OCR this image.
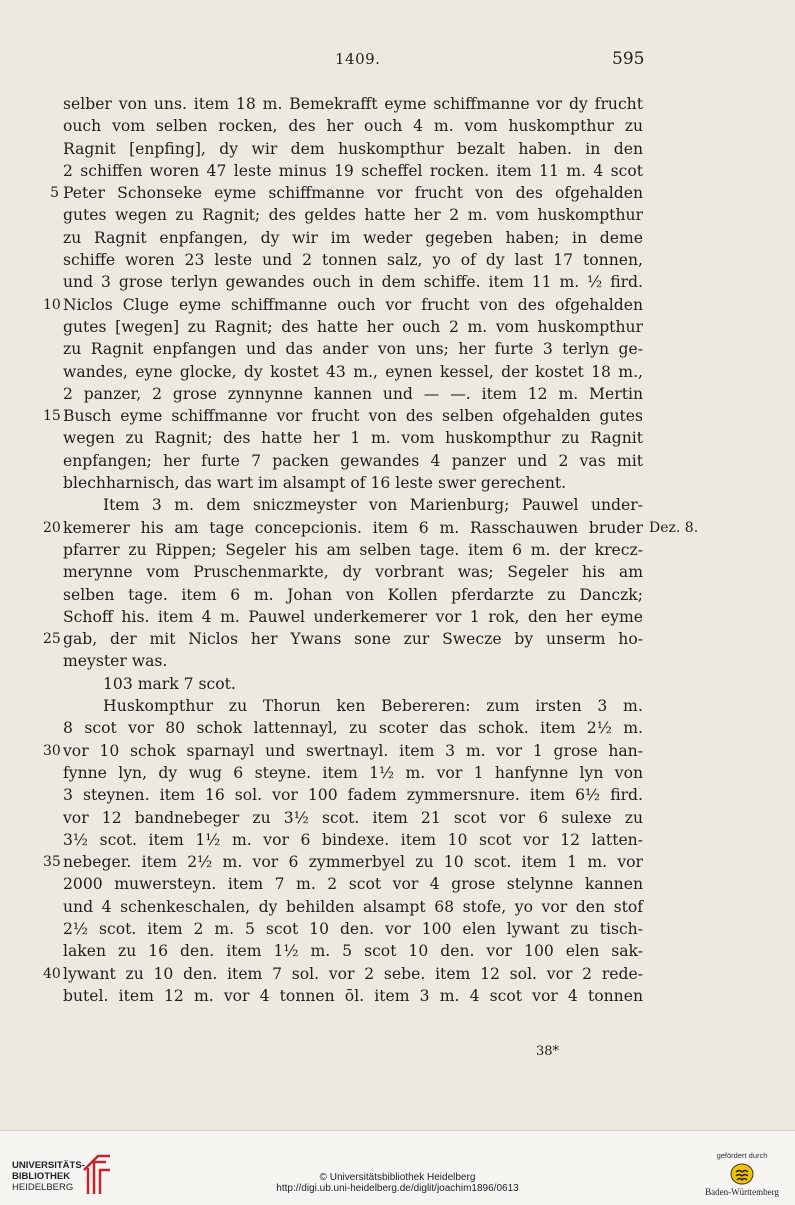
1409.	595
selber von uns. item 18 m. Bemekrafft eyme schiffmanne vor dy frucht
ouch vom selben rocken, des her ouch 4 m. vom huskompthur zu
Ragnit [enpfing], dy wir dem huskompthur bezalt haben. in den
2 schiffen woren 47 leste minus 19 scheffel rocken. item 11 m. 4 scot
5 Peter Schonseke eyme schiffmanne vor frucht von des ofgehalden
gutes wegen zu Ragnit; des geldes hatte her 2 m. vom huskompthur
zu Ragnit enpfangen, dy wir im weder gegeben haben; in deme
schiffe woren 23 leste und 2 tonnen salz, yo of dy last 17 tonnen,
und 3 grose terlyn gewandes ouch in dem schiffe. item 11 m. ½ fird.
10 Niclos Cluge eyme schiffmanne ouch vor frucht von des ofgehalden
gutes [wegen] zu Ragnit; des hatte her ouch 2 m. vom huskompthur
zu Ragnit enpfangen und das ander von uns; her furte 3 terlyn ge-
wandes, eyne glocke, dy kostet 43 m., eynen kessel, der kostet 18 m.,
2 panzer, 2 grose zynnynne kannen und — —. item 12 m. Mertin
15 Busch eyme schiffmanne vor frucht von des selben ofgehalden gutes
wegen zu Ragnit; des hatte her 1 m. vom huskompthur zu Ragnit
enpfangen; her furte 7 packen gewandes 4 panzer und 2 vas mit
blechharnisch, das wart im alsampt of 16 leste swer gerechent.
Item 3 m. dem sniczmeyster von Marienburg; Pauwel under-
20 kemerer his am tage concepcionis. item 6 m. Rasschauwen bruder Dez. 8.
pfarrer zu Rippen; Segeler his am selben tage. item 6 m. der krecz-
merynne vom Pruschenmarkte, dy vorbrant was; Segeler his am
selben tage. item 6 m. Johan von Kollen pferdarzte zu Danczk;
Schoff his. item 4 m. Pauwel underkemerer vor 1 rok, den her eyme
25 gab, der mit Niclos her Ywans sone zur Swecze by unserm ho-
meyster was.
103 mark 7 scot.
Huskompthur zu Thorun ken Bebereren: zum irsten 3 m.
8 scot vor 80 schok lattennayl, zu scoter das schok. item 2½ m.
30 vor 10 schok sparnayl und swertnayl. item 3 m. vor 1 grose han-
fynne lyn, dy wug 6 steyne. item 1½ m. vor 1 hanfynne lyn von
3 steynen. item 16 sol. vor 100 fadem zymmersnure. item 6½ fird.
vor 12 bandnebeger zu 3½ scot. item 21 scot vor 6 sulexe zu
3½ scot. item 1½ m. vor 6 bindexe. item 10 scot vor 12 latten-
35 nebeger. item 2½ m. vor 6 zymmerbyel zu 10 scot. item 1 m. vor
2000 muwersteyn. item 7 m. 2 scot vor 4 grose stelynne kannen
und 4 schenkeschalen, dy behilden alsampt 68 stofe, yo vor den stof
2½ scot. item 2 m. 5 scot 10 den. vor 100 elen lywant zu tisch-
laken zu 16 den. item 1½ m. 5 scot 10 den. vor 100 elen sak-
40 lywant zu 10 den. item 7 sol. vor 2 sebe. item 12 sol. vor 2 rede-
butel. item 12 m. vor 4 tonnen ōl. item 3 m. 4 scot vor 4 tonnen
38*
UNIVERSITÄTS-
BIBLIOTHEK
HEIDELBERG
© Universitätsbibliothek Heidelberg
http://digi.ub.uni-heidelberg.de/diglit/joachim1896/0613
gefördert durch
Baden-Württemberg
